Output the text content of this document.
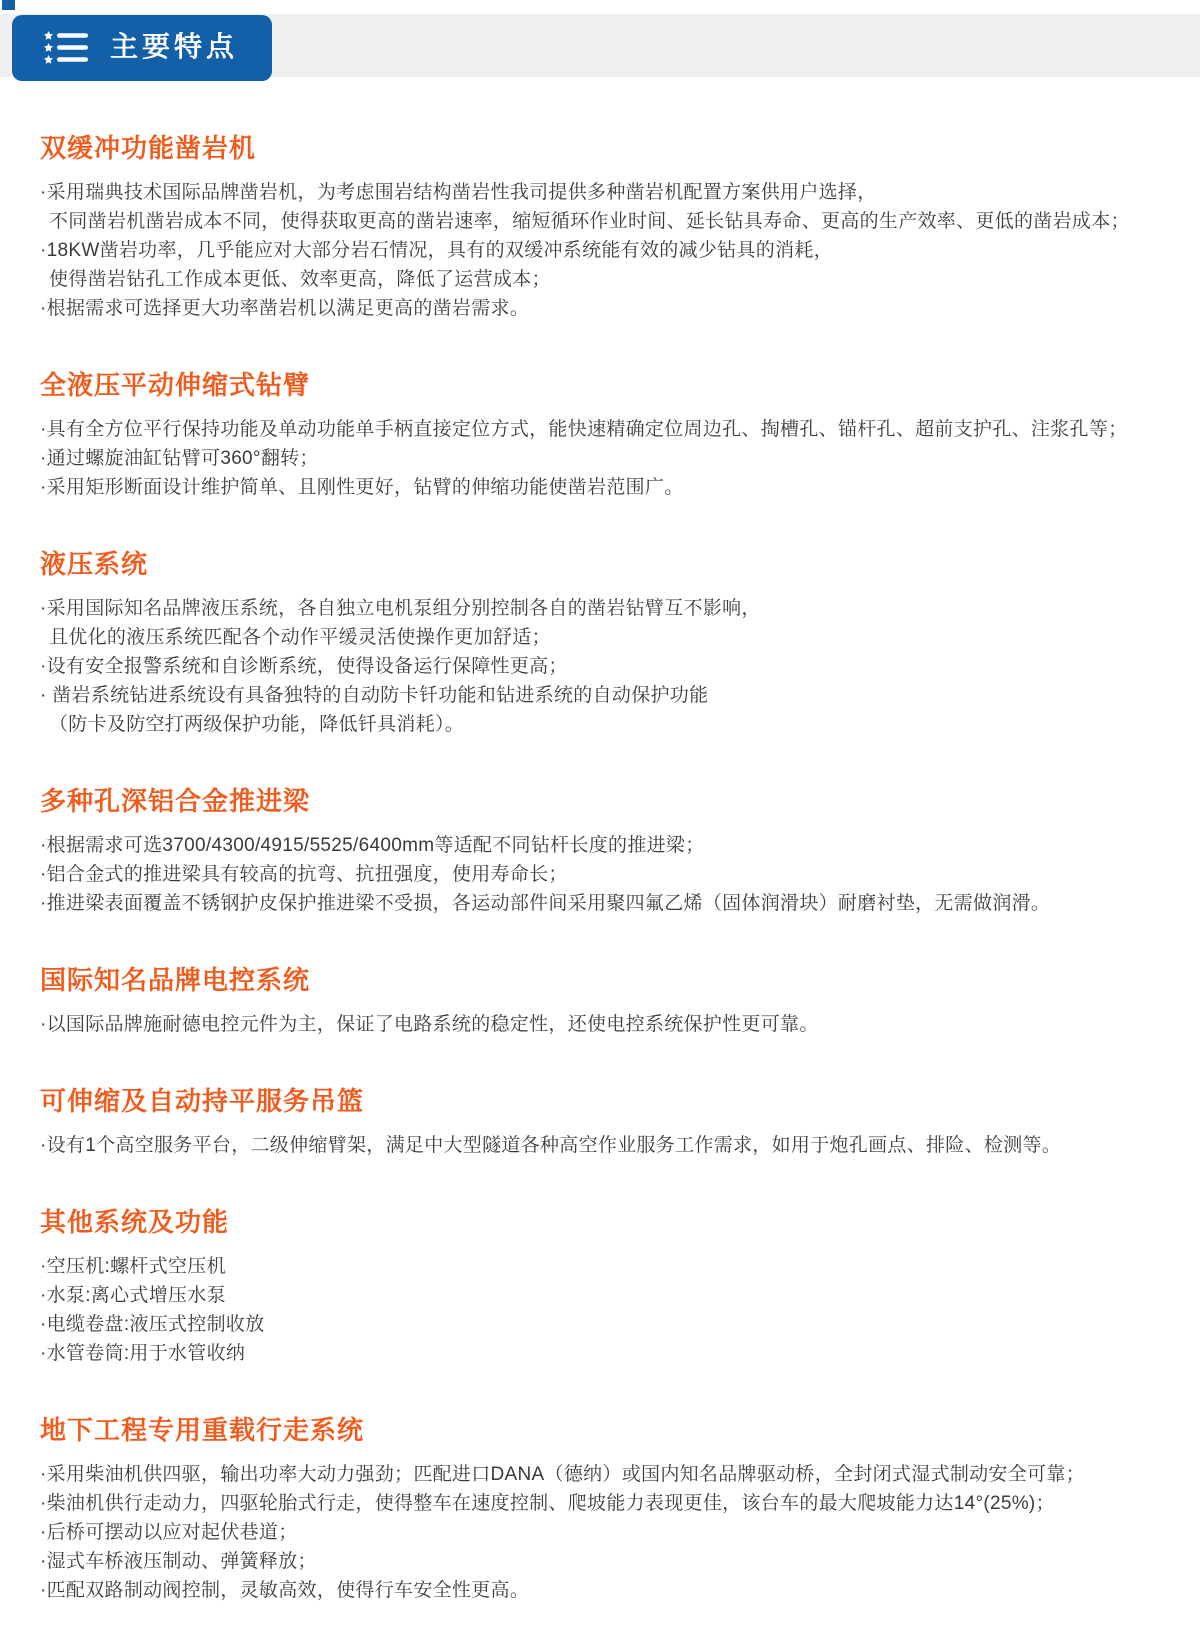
主要特点
双缓冲功能凿岩机

·采用瑞典技术国际品牌凿岩机，为考虑围岩结构凿岩性我司提供多种凿岩机配置方案供用户选择，

不同凿岩机凿岩成本不同，使得获取更高的凿岩速率，缩短循环作业时间、延长钻具寿命、更高的生产效率、更低的凿岩成本；

·18KW凿岩功率，几乎能应对大部分岩石情况，具有的双缓冲系统能有效的减少钻具的消耗，

使得凿岩钻孔工作成本更低、效率更高，降低了运营成本；

·根据需求可选择更大功率凿岩机以满足更高的凿岩需求。

全液压平动伸缩式钻臂

·具有全方位平行保持功能及单动功能单手柄直接定位方式，能快速精确定位周边孔、掏槽孔、锚杆孔、超前支护孔、注浆孔等；

·通过螺旋油缸钻臂可360°翻转；

·采用矩形断面设计维护简单、且刚性更好，钻臂的伸缩功能使凿岩范围广。

液压系统

·采用国际知名品牌液压系统，各自独立电机泵组分别控制各自的凿岩钻臂互不影响，

且优化的液压系统匹配各个动作平缓灵活使操作更加舒适；

·设有安全报警系统和自诊断系统，使得设备运行保障性更高；

· 凿岩系统钻进系统设有具备独特的自动防卡钎功能和钻进系统的自动保护功能

（防卡及防空打两级保护功能，降低钎具消耗）。

多种孔深铝合金推进梁

·根据需求可选3700/4300/4915/5525/6400mm等适配不同钻杆长度的推进梁；

·铝合金式的推进梁具有较高的抗弯、抗扭强度，使用寿命长；

·推进梁表面覆盖不锈钢护皮保护推进梁不受损，各运动部件间采用聚四氟乙烯（固体润滑块）耐磨衬垫，无需做润滑。

国际知名品牌电控系统

·以国际品牌施耐德电控元件为主，保证了电路系统的稳定性，还使电控系统保护性更可靠。

可伸缩及自动持平服务吊篮

·设有1个高空服务平台，二级伸缩臂架，满足中大型隧道各种高空作业服务工作需求，如用于炮孔画点、排险、检测等。

其他系统及功能

·空压机:螺杆式空压机

·水泵:离心式增压水泵

·电缆卷盘:液压式控制收放

·水管卷筒:用于水管收纳

地下工程专用重载行走系统

·采用柴油机供四驱，输出功率大动力强劲；匹配进口DANA（德纳）或国内知名品牌驱动桥，全封闭式湿式制动安全可靠；

·柴油机供行走动力，四驱轮胎式行走，使得整车在速度控制、爬坡能力表现更佳，该台车的最大爬坡能力达14°(25%)；

·后桥可摆动以应对起伏巷道；

·湿式车桥液压制动、弹簧释放；

·匹配双路制动阀控制，灵敏高效，使得行车安全性更高。
